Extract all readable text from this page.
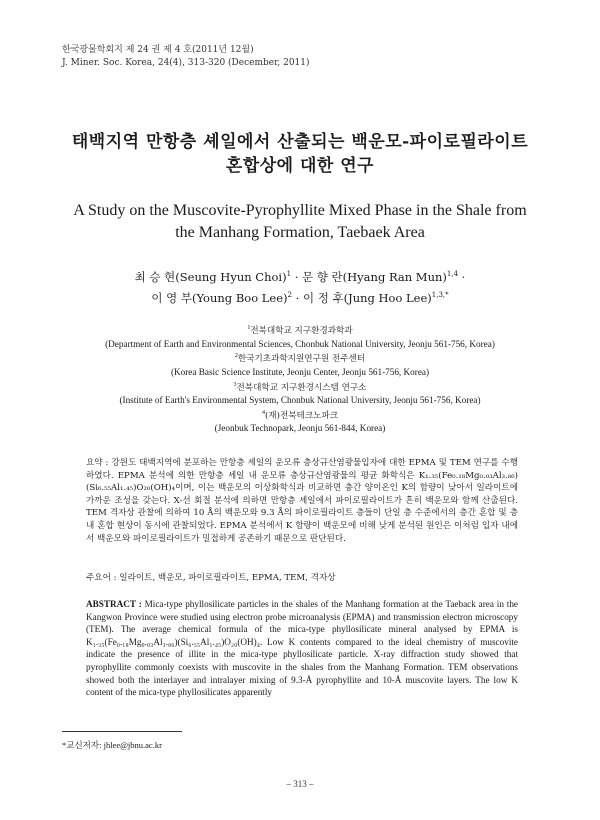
한국광물학회지 제 24 권 제 4 호(2011년 12월)
J. Miner. Soc. Korea, 24(4), 313-320 (December, 2011)
태백지역 만항층 셰일에서 산출되는 백운모-파이로필라이트
혼합상에 대한 연구
A Study on the Muscovite-Pyrophyllite Mixed Phase in the Shale from
the Manhang Formation, Taebaek Area
최 승 현(Seung Hyun Choi)$^1$ · 문 향 란(Hyang Ran Mun)$^{1,4}$ ·
이 영 부(Young Boo Lee)$^2$ · 이 정 후(Jung Hoo Lee)$^{1,3,*}$
$^1$전북대학교 지구환경과학과
(Department of Earth and Environmental Sciences, Chonbuk National University, Jeonju 561-756, Korea)
$^2$한국기초과학지원연구원 전주센터
(Korea Basic Science Institute, Jeonju Center, Jeonju 561-756, Korea)
$^3$전북대학교 지구환경시스템 연구소
(Institute of Earth's Environmental System, Chonbuk National University, Jeonju 561-756, Korea)
$^4$(재)전북테크노파크
(Jeonbuk Technopark, Jeonju 561-844, Korea)
요약 : 강원도 태백지역에 분포하는 만항층 셰일의 운모류 층상규산염광물입자에 대한 EPMA 및 TEM 연구를 수행하였다. EPMA 분석에 의한 만항층 셰일 내 운모류 층상규산염광물의 평균 화학식은 K₁.₃₅(Fe₀.₁₈Mg₀.₀₃Al₃.₈₆)(Si₆.₅₅Al₁.₄₅)O₂₀(OH)₄이며, 이는 백운모의 이상화학식과 비교하면 충간 양이온인 K의 함량이 낮아서 일라이트에 가까운 조성을 갖는다. X-선 회절 분석에 의하면 만항층 셰일에서 파이로필라이트가 흔히 백운모와 함께 산출된다. TEM 격자상 관찰에 의하여 10 Å의 백운모와 9.3 Å의 파이로필라이트 층들이 단일 층 수준에서의 층간 혼합 및 층 내 혼합 현상이 동시에 관찰되었다. EPMA 분석에서 K 함량이 백운모에 비해 낮게 분석된 원인은 이처럼 입자 내에서 백운모와 파이로필라이트가 밀접하게 공존하기 때문으로 판단된다.
주요어 : 일라이트, 백운모, 파이로필라이트, EPMA, TEM, 격자상
ABSTRACT : Mica-type phyllosilicate particles in the shales of the Manhang formation at the Taeback area in the Kangwon Province were studied using electron probe microanalysis (EPMA) and transmission electron microscopy (TEM). The average chemical formula of the mica-type phyllosilicate mineral analysed by EPMA is K₁.₃₅(Fe₀.₁₈Mg₀.₀₃Al₃.₈₆)(Si₆.₅₅Al₁.₄₅)O₂₀(OH)₄. Low K contents compared to the ideal chemistry of muscovite indicate the presence of illite in the mica-type phyllosilicate particle. X-ray diffraction study showed that pyrophyllite commonly coexists with muscovite in the shales from the Manhang Formation. TEM observations showed both the interlayer and intralayer mixing of 9.3-Å pyrophyllite and 10-Å muscovite layers. The low K content of the mica-type phyllosilicates apparently
*교신저자: jhlee@jbnu.ac.kr
– 313 –
